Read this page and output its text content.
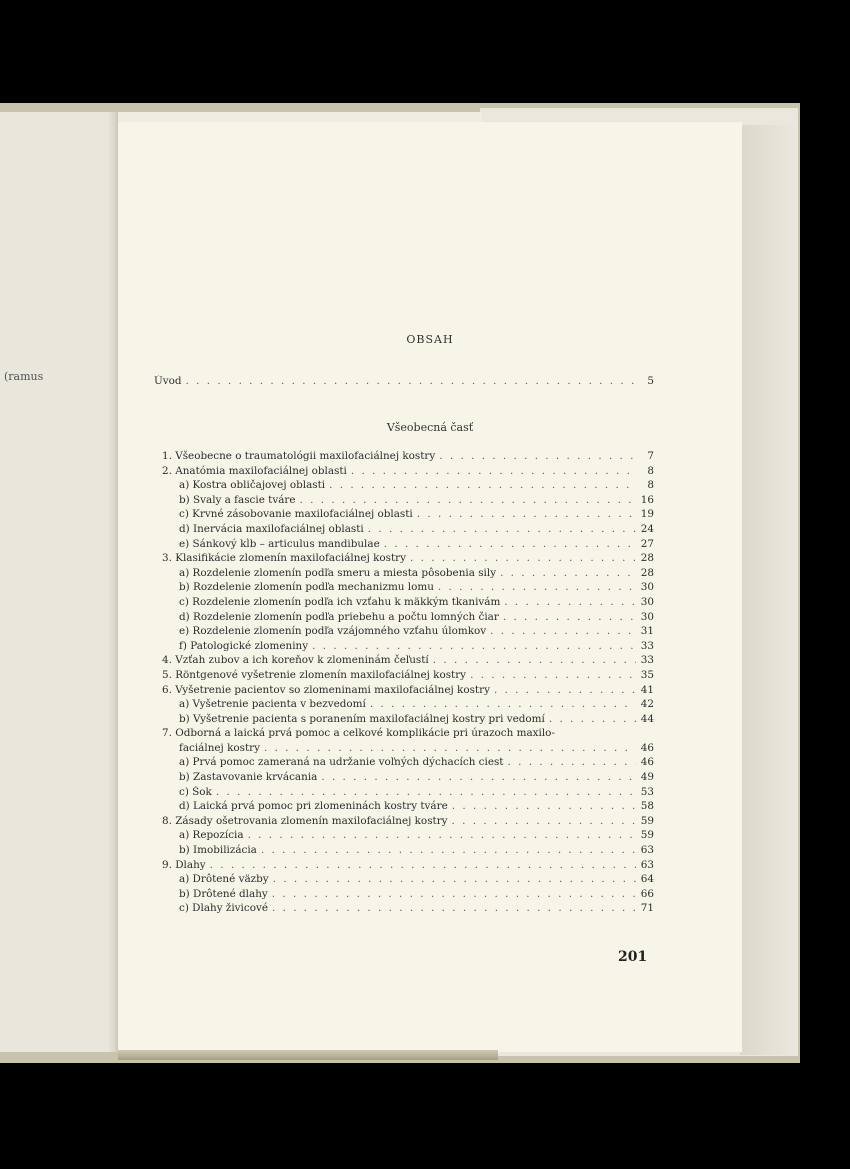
(ramus
OBSAH
Úvod . . .	5
Všeobecná časť
1. Všeobecne o traumatológii maxilofaciálnej kostry . . .	7
2. Anatómia maxilofaciálnej oblasti . . .	8
a) Kostra obličajovej oblasti . . .	8
b) Svaly a fascie tváre . . .	16
c) Krvné zásobovanie maxilofaciálnej oblasti . . .	19
d) Inervácia maxilofaciálnej oblasti . . .	24
e) Sánkový kĺb – articulus mandibulae . . .	27
3. Klasifikácie zlomenín maxilofaciálnej kostry . . .	28
a) Rozdelenie zlomenín podľa smeru a miesta pôsobenia sily . . .	28
b) Rozdelenie zlomenín podľa mechanizmu lomu . . .	30
c) Rozdelenie zlomenín podľa ich vzťahu k mäkkým tkanivám . . .	30
d) Rozdelenie zlomenín podľa priebehu a počtu lomných čiar . . .	30
e) Rozdelenie zlomenín podľa vzájomného vzťahu úlomkov . . .	31
f) Patologické zlomeniny . . .	33
4. Vzťah zubov a ich koreňov k zlomeninám čeľustí . . .	33
5. Röntgenové vyšetrenie zlomenín maxilofaciálnej kostry . . .	35
6. Vyšetrenie pacientov so zlomeninami maxilofaciálnej kostry . . .	41
a) Vyšetrenie pacienta v bezvedomí . . .	42
b) Vyšetrenie pacienta s poranením maxilofaciálnej kostry pri vedomí . . .	44
7. Odborná a laická prvá pomoc a celkové komplikácie pri úrazoch maxilo-
faciálnej kostry . . .	46
a) Prvá pomoc zameraná na udržanie voľných dýchacích ciest . . .	46
b) Zastavovanie krvácania . . .	49
c) Šok . . .	53
d) Laická prvá pomoc pri zlomeninách kostry tváre . . .	58
8. Zásady ošetrovania zlomenín maxilofaciálnej kostry . . .	59
a) Repozícia . . .	59
b) Imobilizácia . . .	63
9. Dlahy . . .	63
a) Drôtené väzby . . .	64
b) Drôtené dlahy . . .	66
c) Dlahy živicové . . .	71
201
